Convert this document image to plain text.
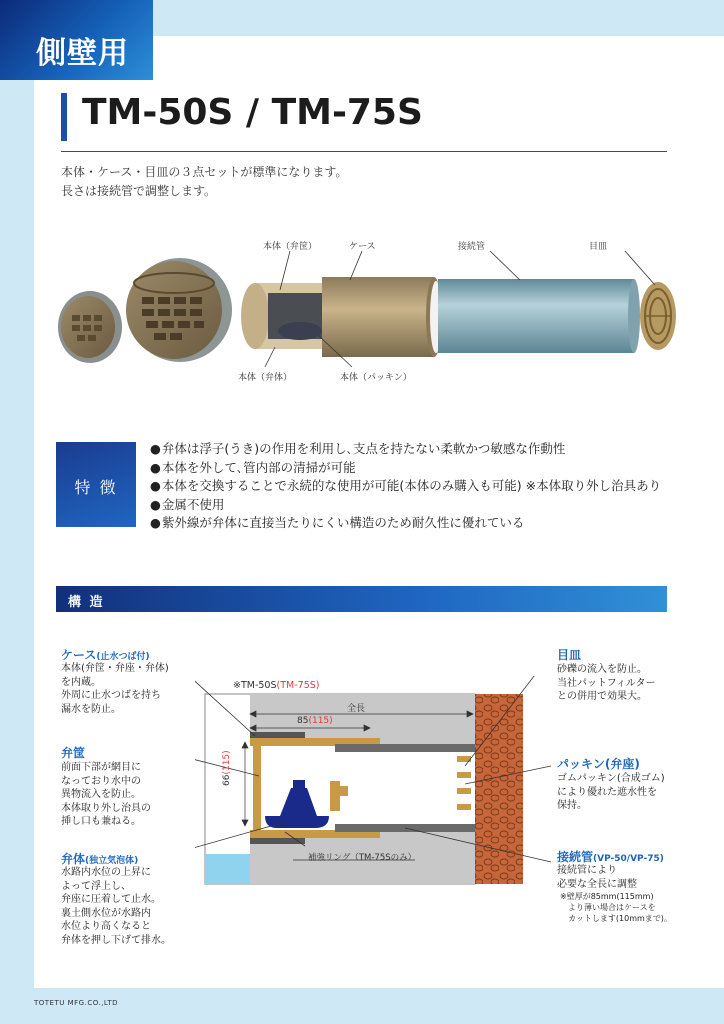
側壁用
TM-50S / TM-75S
本体・ケース・目皿の３点セットが標準になります。
長さは接続管で調整します。
本体（弁筐）	ケース	接続管	目皿
本体（弁体）	本体（パッキン）
特 徴
● 弁体は浮子(うき)の作用を利用し､支点を持たない柔軟かつ敏感な作動性
● 本体を外して､管内部の清掃が可能
● 本体を交換することで永続的な使用が可能(本体のみ購入も可能) ※本体取り外し治具あり
● 金属不使用
● 紫外線が弁体に直接当たりにくい構造のため耐久性に優れている
構 造
ケース(止水つば付)
本体(弁筐・弁座・弁体)
を内蔵。
外周に止水つばを持ち
漏水を防止。
弁筐
前面下部が網目に
なっており水中の
異物流入を防止。
本体取り外し治具の
挿し口も兼ねる。
弁体(独立気泡体)
水路内水位の上昇に
よって浮上し、
弁座に圧着して止水。
裏土側水位が水路内
水位より高くなると
弁体を押し下げて排水。
目皿
砂礫の流入を防止。
当社パットフィルター
との併用で効果大。
パッキン(弁座)
ゴムパッキン(合成ゴム)
により優れた遮水性を
保持。
接続管(VP-50/VP-75)
接続管により
必要な全長に調整
※壁厚が85mm(115mm)
　より薄い場合はケースを
　カットします(10mmまで)。
※TM-50S(TM-75S)
全長
85(115)
66(115)
補強リング（TM-75Sのみ）
TOTETU MFG.CO.,LTD
